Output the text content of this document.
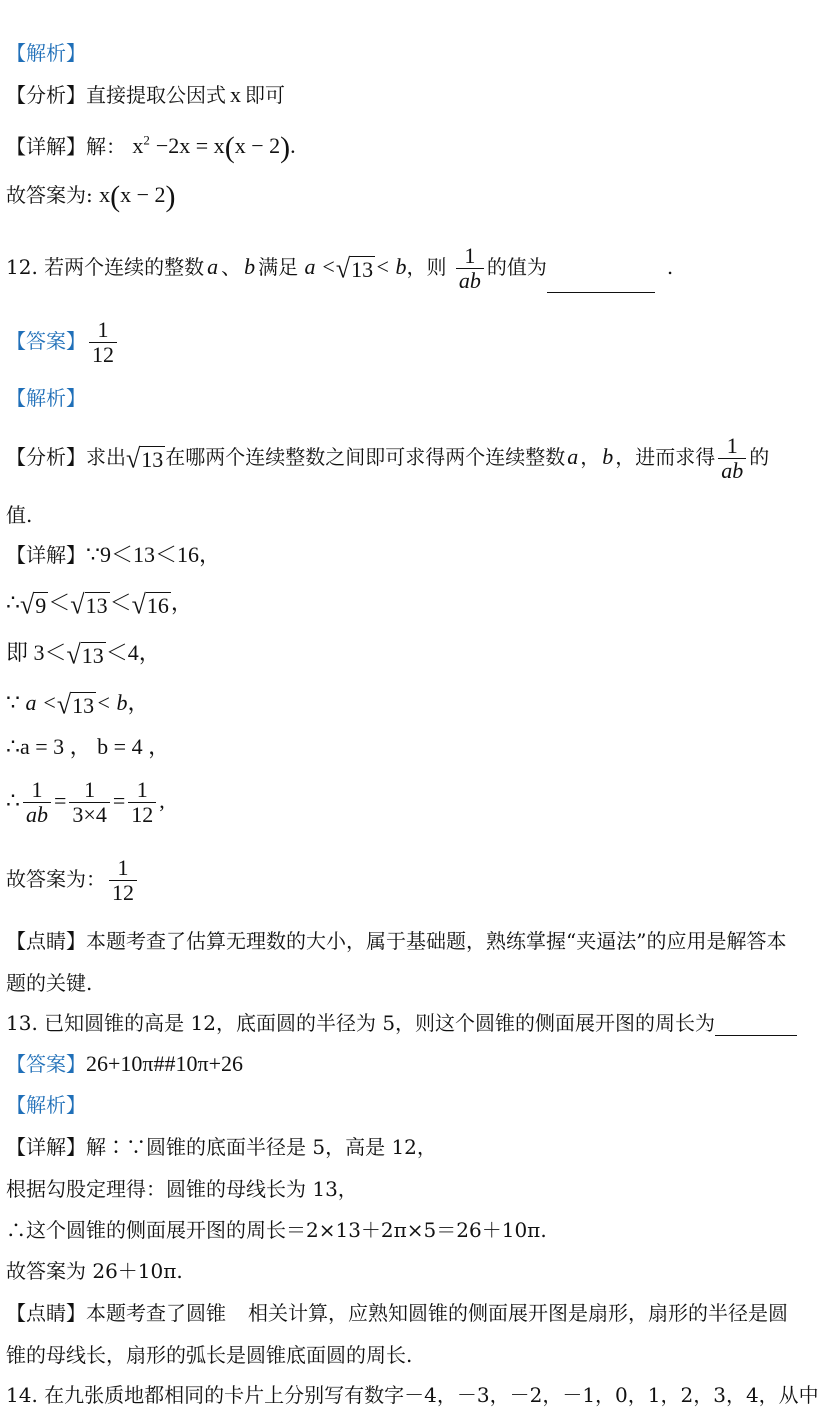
【解析】
【分析】直接提取公因式 x 即可
【详解】解： $x^2 -2x = x(x - 2)$.
故答案为: x(x − 2)
12. 若两个连续的整数 a 、 b 满足 a < √ 13 < b，则 $\frac{1}{ab}$ 的值为	.
【答案】 $\frac{1}{12}$
【解析】
【分析】求出 √ 13 在哪两个连续整数之间即可求得两个连续整数a ，b ，进而求得 $\frac{1}{ab}$ 的
值.
【详解】∵9＜13＜16，
∴ √ 9 ＜ √ 13 ＜ √ 16 ，
即 3＜ √ 13 ＜4，
∵ a < √ 13 < b，
∴a = 3 ， b = 4 ，
∴ $\frac{1}{ab} = \frac{1}{3\times 4} = \frac{1}{12}$ ,
故答案为： $\frac{1}{12}$
【点睛】本题考查了估算无理数的大小，属于基础题，熟练掌握“夹逼法”的应用是解答本
题的关键.
13. 已知圆锥的高是 12，底面圆的半径为 5，则这个圆锥的侧面展开图的周长为
【答案】26+10π##10π+26
【解析】
【详解】解∶∵圆锥的底面半径是 5，高是 12，
根据勾股定理得：圆锥的母线长为 13，
∴这个圆锥的侧面展开图的周长＝2×13＋2π×5＝26＋10π.
故答案为 26＋10π.
【点睛】本题考查了圆锥 相关计算，应熟知圆锥的侧面展开图是扇形，扇形的半径是圆
锥的母线长，扇形的弧长是圆锥底面圆的周长.
14. 在九张质地都相同的卡片上分别写有数字－4，－3，－2，－1，0，1，2，3，4，从中
